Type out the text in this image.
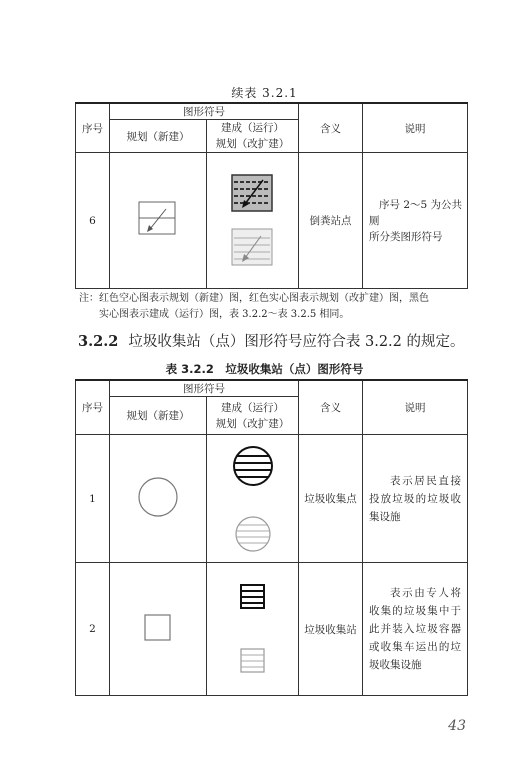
续表 3.2.1
序号	图形符号		含义	说明
	规划（新建）	建成（运行）
规划（改扩建）		
6			倒粪站点	序号 2～5 为公共厕
所分类图形符号
注：红色空心图表示规划（新建）图，红色实心图表示规划（改扩建）图，黑色
实心图表示建成（运行）图，表 3.2.2～表 3.2.5 相同。
3.2.2 垃圾收集站（点）图形符号应符合表 3.2.2 的规定。
表 3.2.2　垃圾收集站（点）图形符号
序号	图形符号		含义	说明
	规划（新建）	建成（运行）
规划（改扩建）		
1			垃圾收集点	表示居民直接投放垃圾的垃圾收集设施

2			垃圾收集站	表示由专人将收集的垃圾集中于此并装入垃圾容器或收集车运出的垃圾收集设施
43
